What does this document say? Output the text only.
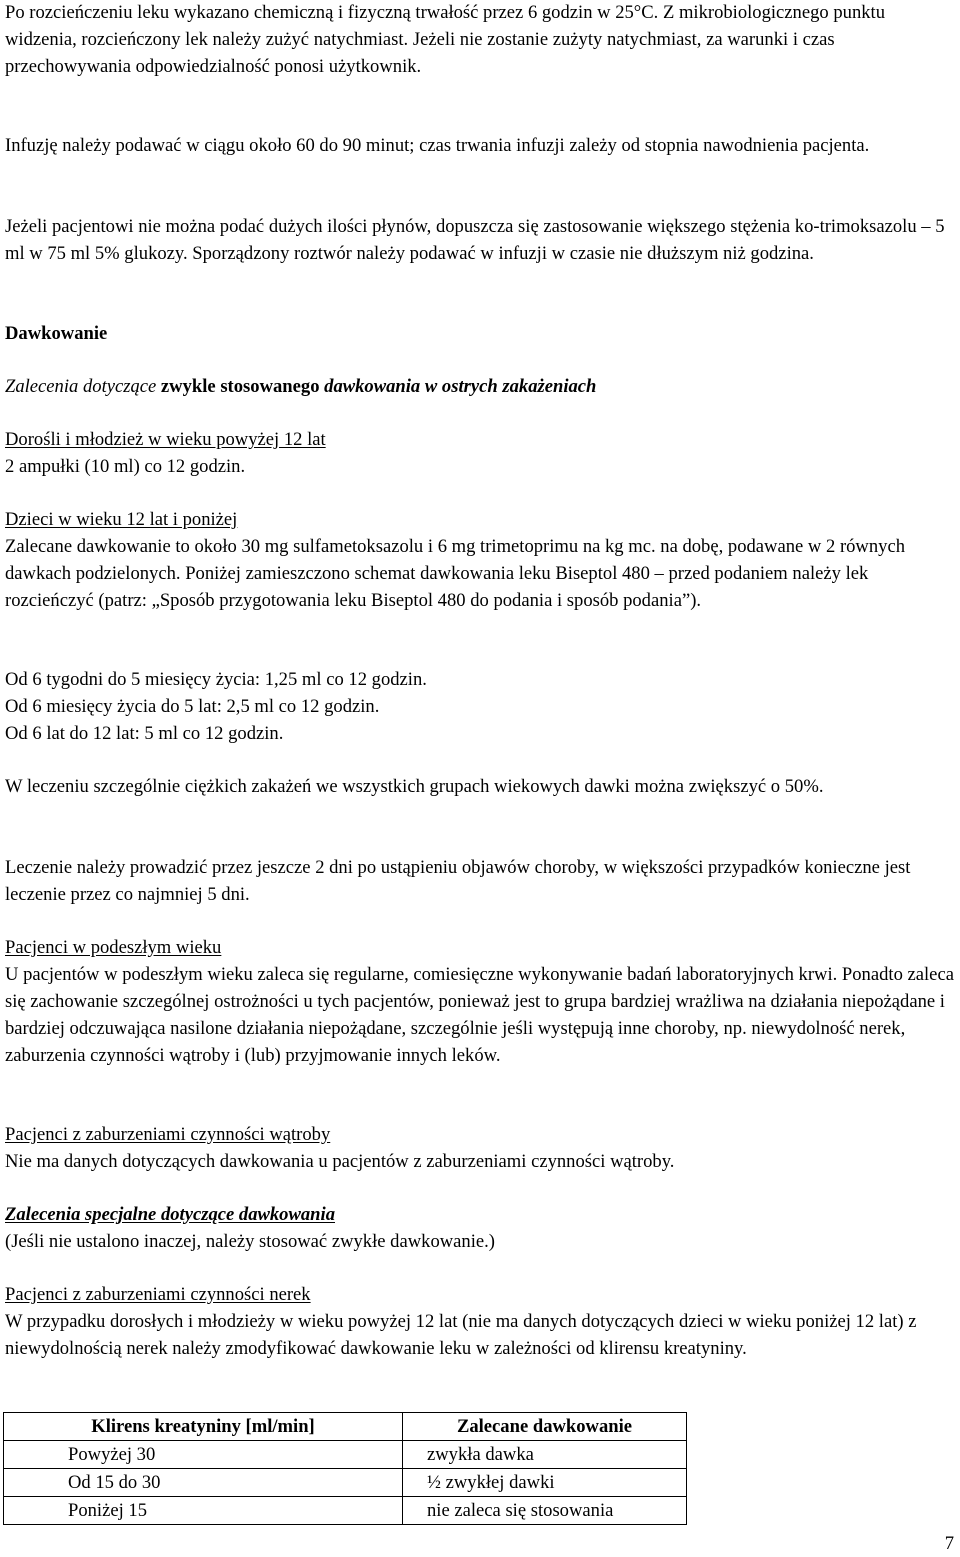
Po rozcieńczeniu leku wykazano chemiczną i fizyczną trwałość przez 6 godzin w 25°C. Z mikrobiologicznego punktu widzenia, rozcieńczony lek należy zużyć natychmiast. Jeżeli nie zostanie zużyty natychmiast, za warunki i czas przechowywania odpowiedzialność ponosi użytkownik.

Infuzję należy podawać w ciągu około 60 do 90 minut; czas trwania infuzji zależy od stopnia nawodnienia pacjenta.

Jeżeli pacjentowi nie można podać dużych ilości płynów, dopuszcza się zastosowanie większego stężenia ko-trimoksazolu – 5 ml w 75 ml 5% glukozy. Sporządzony roztwór należy podawać w infuzji w czasie nie dłuższym niż godzina.

Dawkowanie
Zalecenia dotyczące zwykle stosowanego dawkowania w ostrych zakażeniach
Dorośli i młodzież w wieku powyżej 12 lat

2 ampułki (10 ml) co 12 godzin.
Dzieci w wieku 12 lat i poniżej
Zalecane dawkowanie to około 30 mg sulfametoksazolu i 6 mg trimetoprimu na kg mc. na dobę, podawane w 2 równych dawkach podzielonych. Poniżej zamieszczono schemat dawkowania leku Biseptol 480 – przed podaniem należy lek rozcieńczyć (patrz: „Sposób przygotowania leku Biseptol 480 do podania i sposób podania”).
Od 6 tygodni do 5 miesięcy życia: 1,25 ml co 12 godzin.
Od 6 miesięcy życia do 5 lat: 2,5 ml co 12 godzin.
Od 6 lat do 12 lat: 5 ml co 12 godzin.

W leczeniu szczególnie ciężkich zakażeń we wszystkich grupach wiekowych dawki można zwiększyć o 50%.

Leczenie należy prowadzić przez jeszcze 2 dni po ustąpieniu objawów choroby, w większości przypadków konieczne jest leczenie przez co najmniej 5 dni.

Pacjenci w podeszłym wieku
U pacjentów w podeszłym wieku zaleca się regularne, comiesięczne wykonywanie badań laboratoryjnych krwi. Ponadto zaleca się zachowanie szczególnej ostrożności u tych pacjentów, ponieważ jest to grupa bardziej wrażliwa na działania niepożądane i bardziej odczuwająca nasilone działania niepożądane, szczególnie jeśli występują inne choroby, np. niewydolność nerek, zaburzenia czynności wątroby i (lub) przyjmowanie innych leków.
Pacjenci z zaburzeniami czynności wątroby
Nie ma danych dotyczących dawkowania u pacjentów z zaburzeniami czynności wątroby.
Zalecenia specjalne dotyczące dawkowania
(Jeśli nie ustalono inaczej, należy stosować zwykłe dawkowanie.)
Pacjenci z zaburzeniami czynności nerek
W przypadku dorosłych i młodzieży w wieku powyżej 12 lat (nie ma danych dotyczących dzieci w wieku poniżej 12 lat) z niewydolnością nerek należy zmodyfikować dawkowanie leku w zależności od klirensu kreatyniny.
Klirens kreatyniny [ml/min]	Zalecane dawkowanie
Powyżej 30	zwykła dawka
Od 15 do 30	½ zwykłej dawki
Poniżej 15	nie zaleca się stosowania
7
